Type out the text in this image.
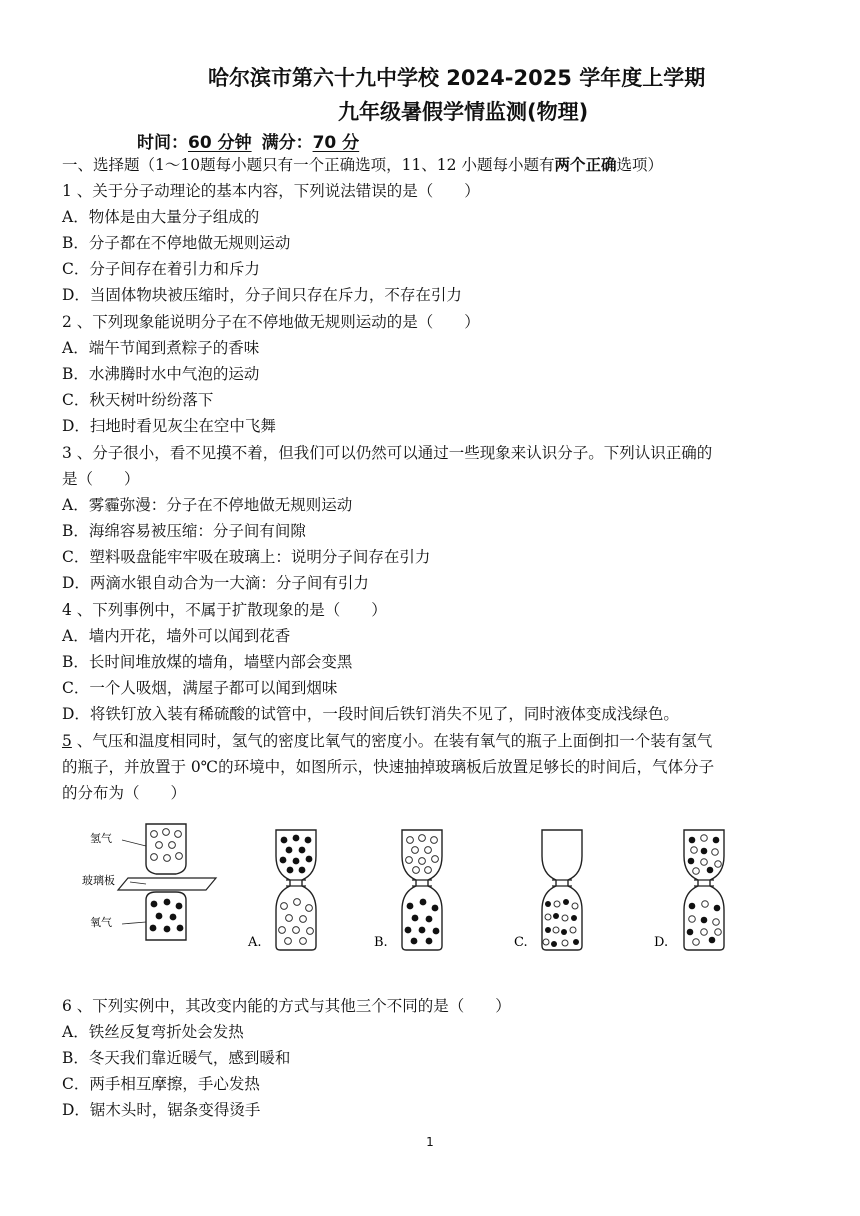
哈尔滨市第六十九中学校 2024-2025 学年度上学期
九年级暑假学情监测(物理)
时间：60 分钟 满分：70 分
一、选择题（1～10题每小题只有一个正确选项，11、12 小题每小题有两个正确选项）
1 、关于分子动理论的基本内容，下列说法错误的是（　　）
A．物体是由大量分子组成的
B．分子都在不停地做无规则运动
C．分子间存在着引力和斥力
D．当固体物块被压缩时，分子间只存在斥力，不存在引力
2 、下列现象能说明分子在不停地做无规则运动的是（　　）
A．端午节闻到煮粽子的香味
B．水沸腾时水中气泡的运动
C．秋天树叶纷纷落下
D．扫地时看见灰尘在空中飞舞
3 、分子很小，看不见摸不着，但我们可以仍然可以通过一些现象来认识分子。下列认识正确的
是（　　）
A．雾霾弥漫：分子在不停地做无规则运动
B．海绵容易被压缩：分子间有间隙
C．塑料吸盘能牢牢吸在玻璃上：说明分子间存在引力
D．两滴水银自动合为一大滴：分子间有引力
4 、下列事例中，不属于扩散现象的是（　　）
A．墙内开花，墙外可以闻到花香
B．长时间堆放煤的墙角，墙壁内部会变黑
C．一个人吸烟，满屋子都可以闻到烟味
D．将铁钉放入装有稀硫酸的试管中，一段时间后铁钉消失不见了，同时液体变成浅绿色。
5 、气压和温度相同时，氢气的密度比氧气的密度小。在装有氧气的瓶子上面倒扣一个装有氢气
的瓶子，并放置于 0℃的环境中，如图所示，快速抽掉玻璃板后放置足够长的时间后，气体分子
的分布为（　　）
氢气
玻璃板
氧气
A.	B.	C.	D.
6 、下列实例中，其改变内能的方式与其他三个不同的是（　　）
A．铁丝反复弯折处会发热
B．冬天我们靠近暖气，感到暖和
C．两手相互摩擦，手心发热
D．锯木头时，锯条变得烫手
1
